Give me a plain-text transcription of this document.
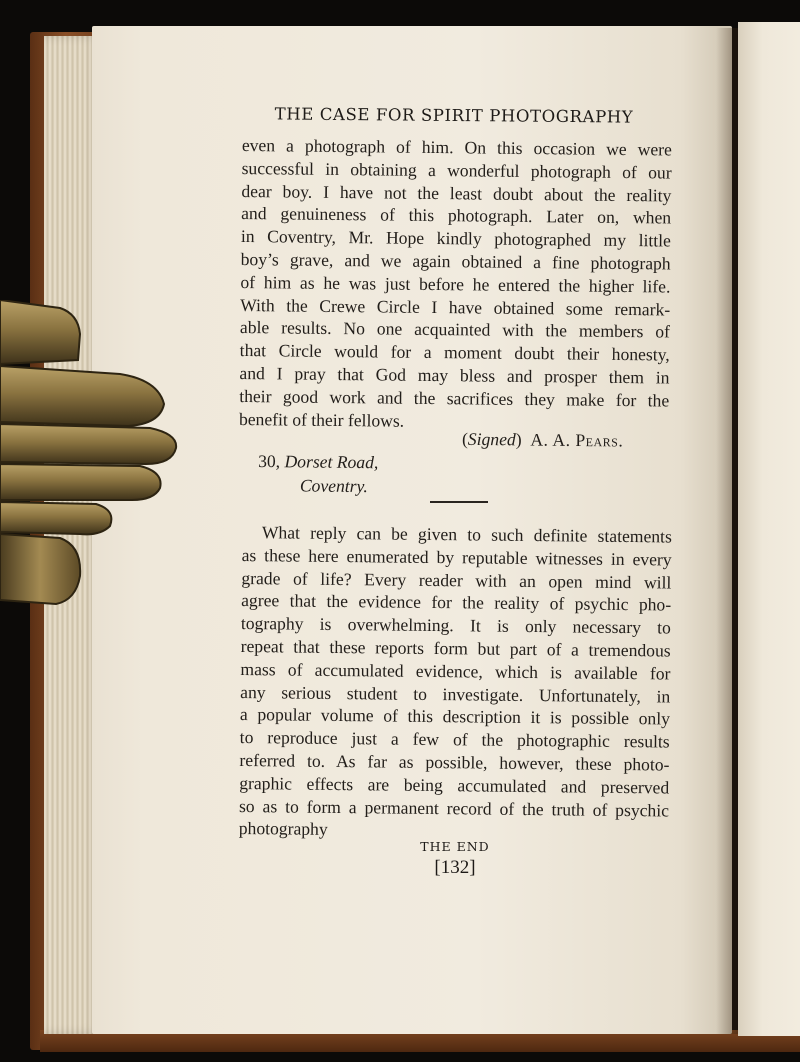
THE CASE FOR SPIRIT PHOTOGRAPHY
even a photograph of him. On this occasion we were
successful in obtaining a wonderful photograph of our
dear boy. I have not the least doubt about the reality
and genuineness of this photograph. Later on, when
in Coventry, Mr. Hope kindly photographed my little
boy’s grave, and we again obtained a fine photograph
of him as he was just before he entered the higher life.
With the Crewe Circle I have obtained some remark-
able results. No one acquainted with the members of
that Circle would for a moment doubt their honesty,
and I pray that God may bless and prosper them in
their good work and the sacrifices they make for the
benefit of their fellows.
(Signed)  A. A. Pears.
30, Dorset Road,
Coventry.
What reply can be given to such definite statements
as these here enumerated by reputable witnesses in every
grade of life? Every reader with an open mind will
agree that the evidence for the reality of psychic pho-
tography is overwhelming. It is only necessary to
repeat that these reports form but part of a tremendous
mass of accumulated evidence, which is available for
any serious student to investigate. Unfortunately, in
a popular volume of this description it is possible only
to reproduce just a few of the photographic results
referred to. As far as possible, however, these photo-
graphic effects are being accumulated and preserved
so as to form a permanent record of the truth of psychic
photography
THE END
[132]
